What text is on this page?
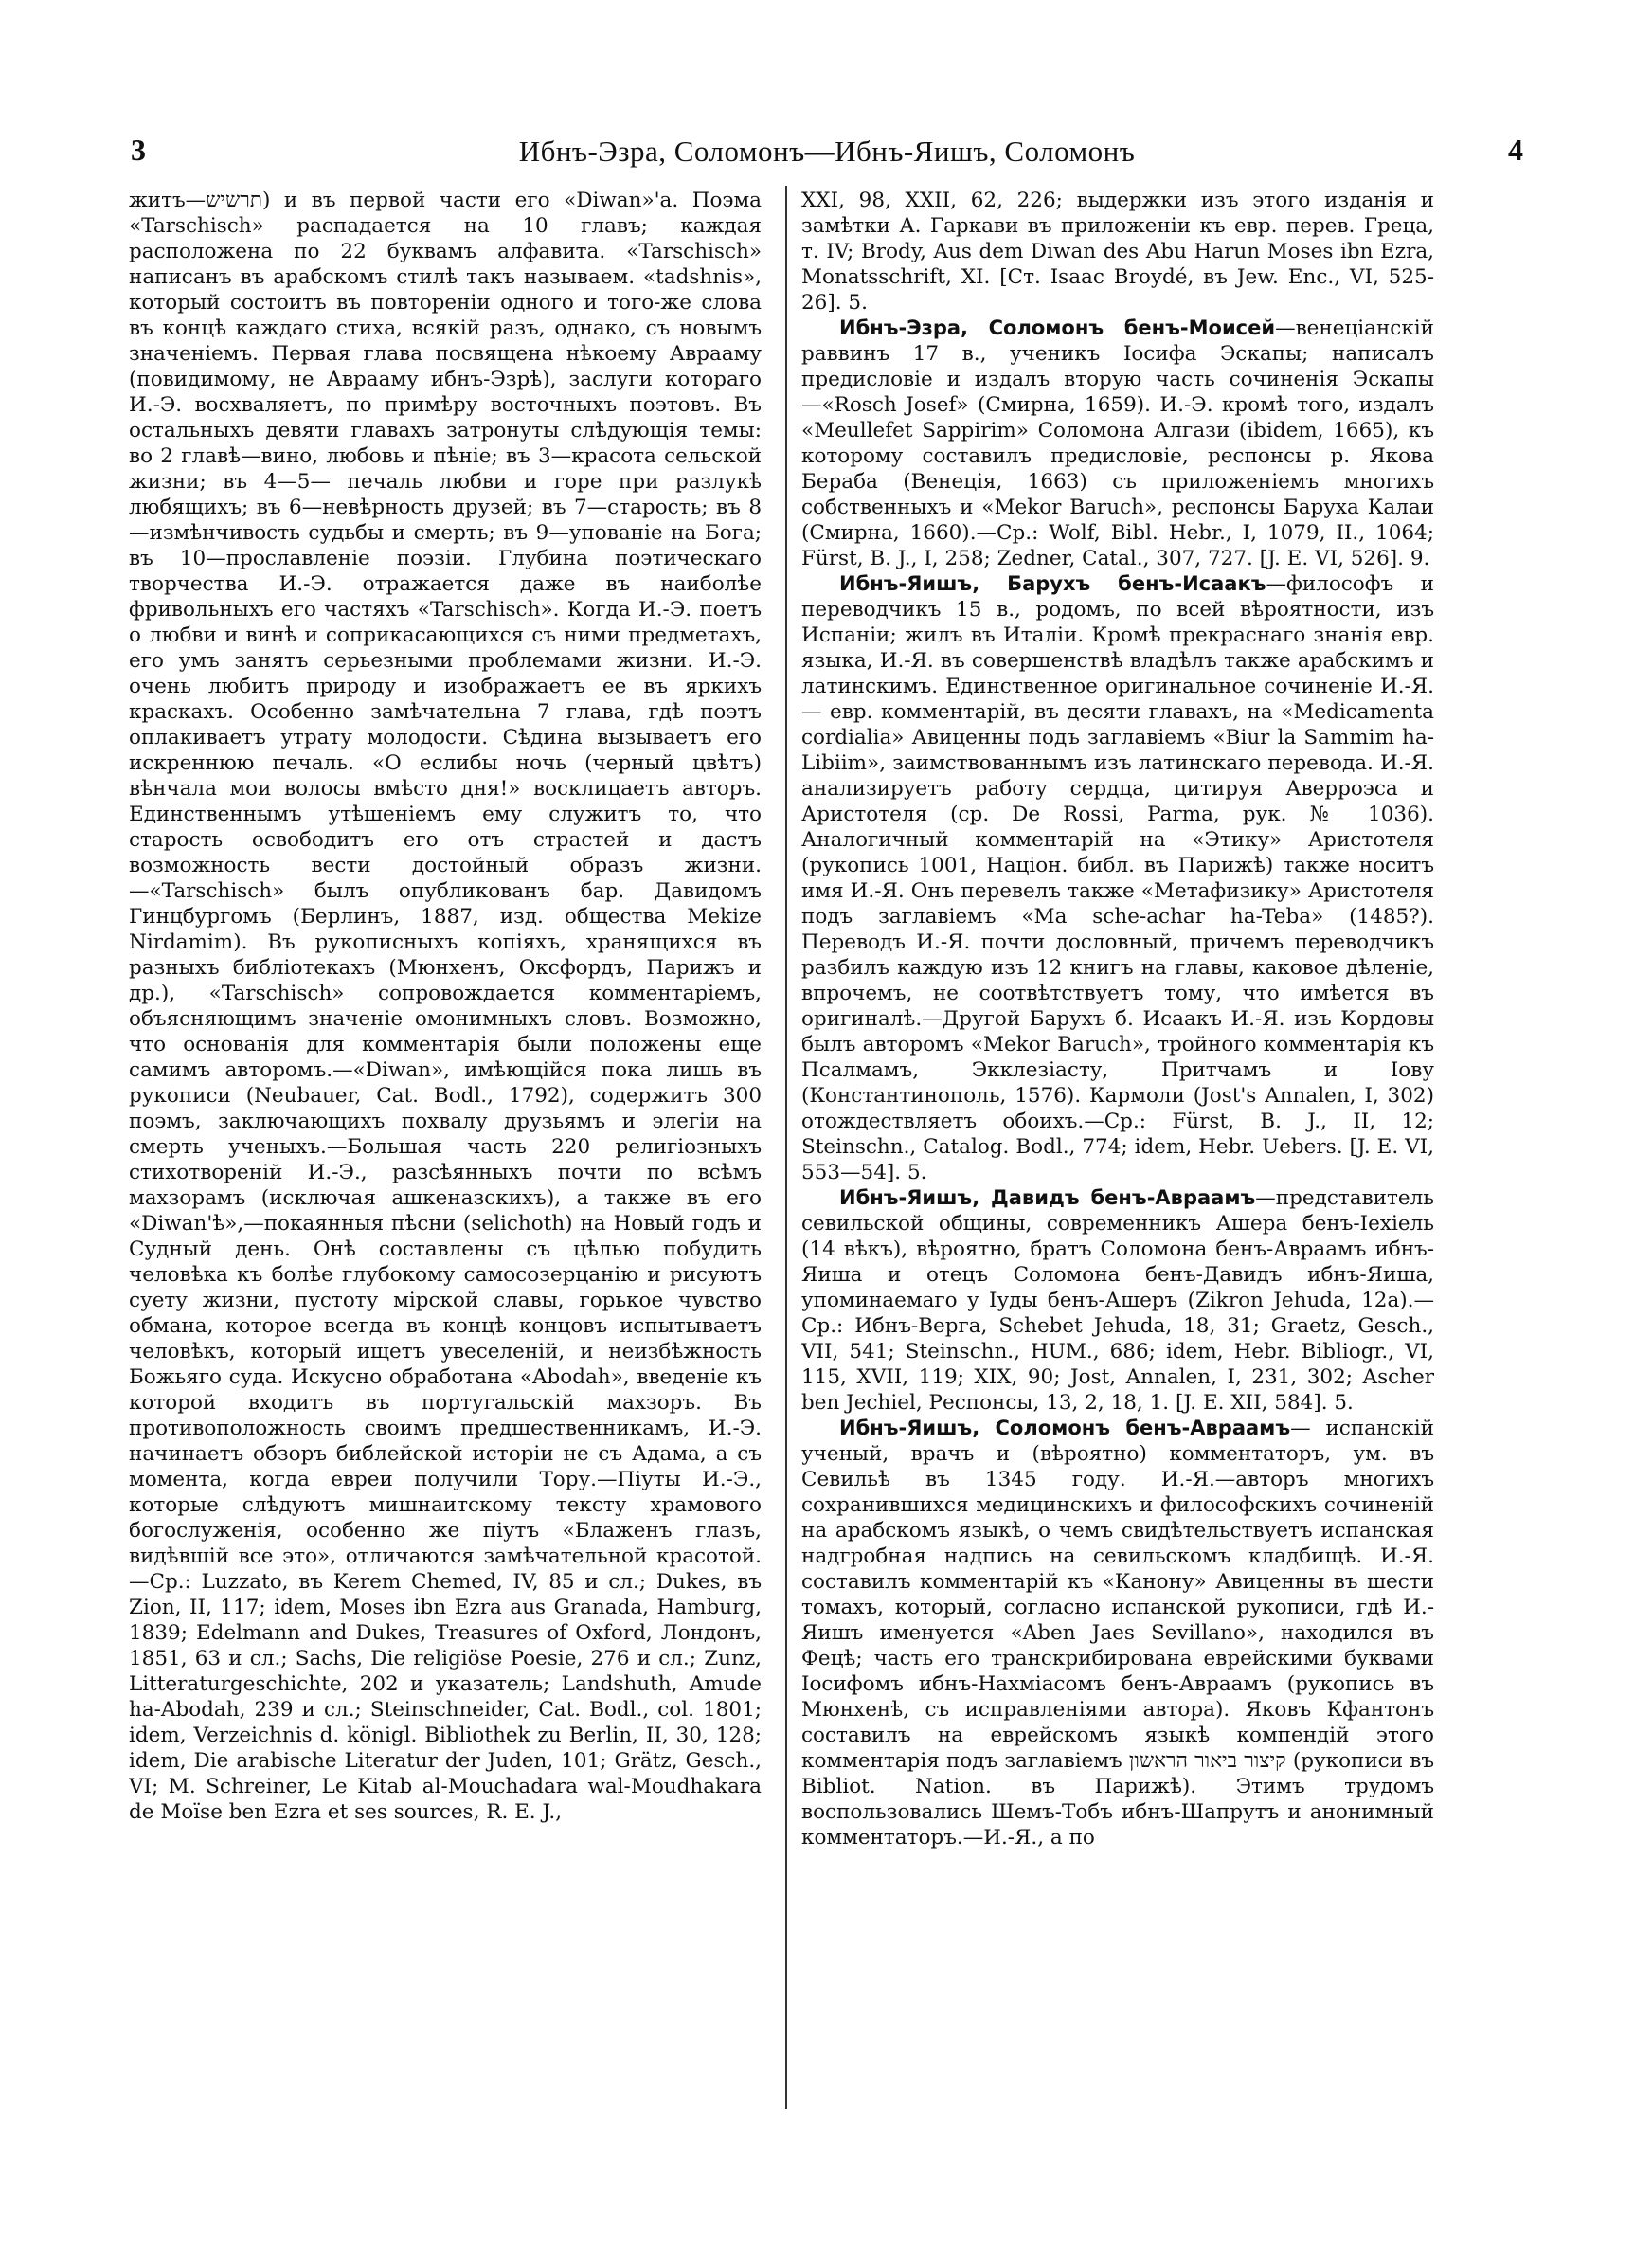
3	Ибнъ-Эзра, Соломонъ—Ибнъ-Яишъ, Соломонъ	4

житъ—תרשיש) и въ первой части его «Diwan»'a. Поэма «Tarschisch» распадается на 10 главъ; каждая расположена по 22 буквамъ алфавита. «Tarschisch» написанъ въ арабскомъ стилѣ такъ называем. «tadshnis», который состоитъ въ повтореніи одного и того-же слова въ концѣ каждаго стиха, всякій разъ, однако, съ новымъ значеніемъ. Первая глава посвящена нѣкоему Аврааму (повидимому, не Аврааму ибнъ-Эзрѣ), заслуги котораго И.-Э. восхваляетъ, по примѣру восточныхъ поэтовъ. Въ остальныхъ девяти главахъ затронуты слѣдующія темы: во 2 главѣ—вино, любовь и пѣніе; въ 3—красота сельской жизни; въ 4—5— печаль любви и горе при разлукѣ любящихъ; въ 6—невѣрность друзей; въ 7—старость; въ 8—измѣнчивость судьбы и смерть; въ 9—упованіе на Бога; въ 10—прославленіе поэзіи. Глубина поэтическаго творчества И.-Э. отражается даже въ наиболѣе фривольныхъ его частяхъ «Tarschisch». Когда И.-Э. поетъ о любви и винѣ и соприкасающихся съ ними предметахъ, его умъ занятъ серьезными проблемами жизни. И.-Э. очень любитъ природу и изображаетъ ее въ яркихъ краскахъ. Особенно замѣчательна 7 глава, гдѣ поэтъ оплакиваетъ утрату молодости. Сѣдина вызываетъ его искреннюю печаль. «О еслибы ночь (черный цвѣтъ) вѣнчала мои волосы вмѣсто дня!» восклицаетъ авторъ. Единственнымъ утѣшеніемъ ему служитъ то, что старость освободитъ его отъ страстей и дастъ возможность вести достойный образъ жизни.—«Tarschisch» былъ опубликованъ бар. Давидомъ Гинцбургомъ (Берлинъ, 1887, изд. общества Mekize Nirdamim). Въ рукописныхъ копіяхъ, хранящихся въ разныхъ библіотекахъ (Мюнхенъ, Оксфордъ, Парижъ и др.), «Tarschisch» сопровождается комментаріемъ, объясняющимъ значеніе омонимныхъ словъ. Возможно, что основанія для комментарія были положены еще самимъ авторомъ.—«Diwan», имѣющійся пока лишь въ рукописи (Neubauer, Cat. Bodl., 1792), содержитъ 300 поэмъ, заключающихъ похвалу друзьямъ и элегіи на смерть ученыхъ.—Большая часть 220 религіозныхъ стихотвореній И.-Э., разсѣянныхъ почти по всѣмъ махзорамъ (исключая ашкеназскихъ), а также въ его «Diwan'ѣ»,—покаянныя пѣсни (selichoth) на Новый годъ и Судный день. Онѣ составлены съ цѣлью побудить человѣка къ болѣе глубокому самосозерцанію и рисуютъ суету жизни, пустоту мірской славы, горькое чувство обмана, которое всегда въ концѣ концовъ испытываетъ человѣкъ, который ищетъ увеселеній, и неизбѣжность Божьяго суда. Искусно обработана «Abodah», введеніе къ которой входитъ въ португальскій махзоръ. Въ противоположность своимъ предшественникамъ, И.-Э. начинаетъ обзоръ библейской исторіи не съ Адама, а съ момента, когда евреи получили Тору.—Піуты И.-Э., которые слѣдуютъ мишнаитскому тексту храмового богослуженія, особенно же піутъ «Блаженъ глазъ, видѣвшій все это», отличаются замѣчательной красотой.—Ср.: Luzzato, въ Kerem Chemed, IV, 85 и сл.; Dukes, въ Zion, II, 117; idem, Moses ibn Ezra aus Granada, Hamburg, 1839; Edelmann and Dukes, Treasures of Oxford, Лондонъ, 1851, 63 и сл.; Sachs, Die religiöse Poesie, 276 и сл.; Zunz, Litteraturgeschichte, 202 и указатель; Landshuth, Amude ha-Abodah, 239 и сл.; Steinschneider, Cat. Bodl., col. 1801; idem, Verzeichnis d. königl. Bibliothek zu Berlin, II, 30, 128; idem, Die arabische Literatur der Juden, 101; Grätz, Gesch., VI; M. Schreiner, Le Kitab al-Mouchadara wal-Moudhakara de Moïse ben Ezra et ses sources, R. E. J.,

XXI, 98, XXII, 62, 226; выдержки изъ этого изданія и замѣтки А. Гаркави въ приложеніи къ евр. перев. Греца, т. IV; Brody, Aus dem Diwan des Abu Harun Moses ibn Ezra, Monatsschrift, XI. [Ст. Isaac Broydé, въ Jew. Enc., VI, 525-26]. 5.

Ибнъ-Эзра, Соломонъ бенъ-Моисей—венеціанскій раввинъ 17 в., ученикъ Іосифа Эскапы; написалъ предисловіе и издалъ вторую часть сочиненія Эскапы—«Rosch Josef» (Смирна, 1659). И.-Э. кромѣ того, издалъ «Meullefet Sappirim» Соломона Алгази (ibidem, 1665), къ которому составилъ предисловіе, респонсы р. Якова Бераба (Венеція, 1663) съ приложеніемъ многихъ собственныхъ и «Mekor Baruch», респонсы Баруха Калаи (Смирна, 1660).—Ср.: Wolf, Bibl. Hebr., I, 1079, II., 1064; Fürst, B. J., I, 258; Zedner, Catal., 307, 727. [J. E. VI, 526]. 9.

Ибнъ-Яишъ, Барухъ бенъ-Исаакъ—философъ и переводчикъ 15 в., родомъ, по всей вѣроятности, изъ Испаніи; жилъ въ Италіи. Кромѣ прекраснаго знанія евр. языка, И.-Я. въ совершенствѣ владѣлъ также арабскимъ и латинскимъ. Единственное оригинальное сочиненіе И.-Я. — евр. комментарій, въ десяти главахъ, на «Medicamenta cordialia» Авиценны подъ заглавіемъ «Biur la Sammim ha-Libiim», заимствованнымъ изъ латинскаго перевода. И.-Я. анализируетъ работу сердца, цитируя Аверроэса и Аристотеля (ср. De Rossi, Parma, рук. № 1036). Аналогичный комментарій на «Этику» Аристотеля (рукопись 1001, Націон. библ. въ Парижѣ) также носитъ имя И.-Я. Онъ перевелъ также «Метафизику» Аристотеля подъ заглавіемъ «Ma sche-achar ha-Teba» (1485?). Переводъ И.-Я. почти дословный, причемъ переводчикъ разбилъ каждую изъ 12 книгъ на главы, каковое дѣленіе, впрочемъ, не соотвѣтствуетъ тому, что имѣется въ оригиналѣ.—Другой Барухъ б. Исаакъ И.-Я. изъ Кордовы былъ авторомъ «Mekor Baruch», тройного комментарія къ Псалмамъ, Экклезіасту, Притчамъ и Іову (Константинополь, 1576). Кармоли (Jost's Annalen, I, 302) отождествляетъ обоихъ.—Ср.: Fürst, B. J., II, 12; Steinschn., Catalog. Bodl., 774; idem, Hebr. Uebers. [J. E. VI, 553—54]. 5.

Ибнъ-Яишъ, Давидъ бенъ-Авраамъ—представитель севильской общины, современникъ Ашера бенъ-Іехіель (14 вѣкъ), вѣроятно, братъ Соломона бенъ-Авраамъ ибнъ-Яиша и отецъ Соломона бенъ-Давидъ ибнъ-Яиша, упоминаемаго у Іуды бенъ-Ашеръ (Zikron Jehuda, 12a).—Ср.: Ибнъ-Верга, Schebet Jehuda, 18, 31; Graetz, Gesch., VII, 541; Steinschn., HUM., 686; idem, Hebr. Bibliogr., VI, 115, XVII, 119; XIX, 90; Jost, Annalen, I, 231, 302; Ascher ben Jechiel, Респонсы, 13, 2, 18, 1. [J. E. XII, 584]. 5.

Ибнъ-Яишъ, Соломонъ бенъ-Авраамъ— испанскій ученый, врачъ и (вѣроятно) комментаторъ, ум. въ Севильѣ въ 1345 году. И.-Я.—авторъ многихъ сохранившихся медицинскихъ и философскихъ сочиненій на арабскомъ языкѣ, о чемъ свидѣтельствуетъ испанская надгробная надпись на севильскомъ кладбищѣ. И.-Я. составилъ комментарій къ «Канону» Авиценны въ шести томахъ, который, согласно испанской рукописи, гдѣ И.-Яишъ именуется «Aben Jaes Sevillano», находился въ Фецѣ; часть его транскрибирована еврейскими буквами Іосифомъ ибнъ-Нахміасомъ бенъ-Авраамъ (рукопись въ Мюнхенѣ, съ исправленіями автора). Яковъ Кфантонъ составилъ на еврейскомъ языкѣ компендій этого комментарія подъ заглавіемъ קיצור ביאור הראשון (рукописи въ Bibliot. Nation. въ Парижѣ). Этимъ трудомъ воспользовались Шемъ-Тобъ ибнъ-Шапрутъ и анонимный комментаторъ.—И.-Я., а по
